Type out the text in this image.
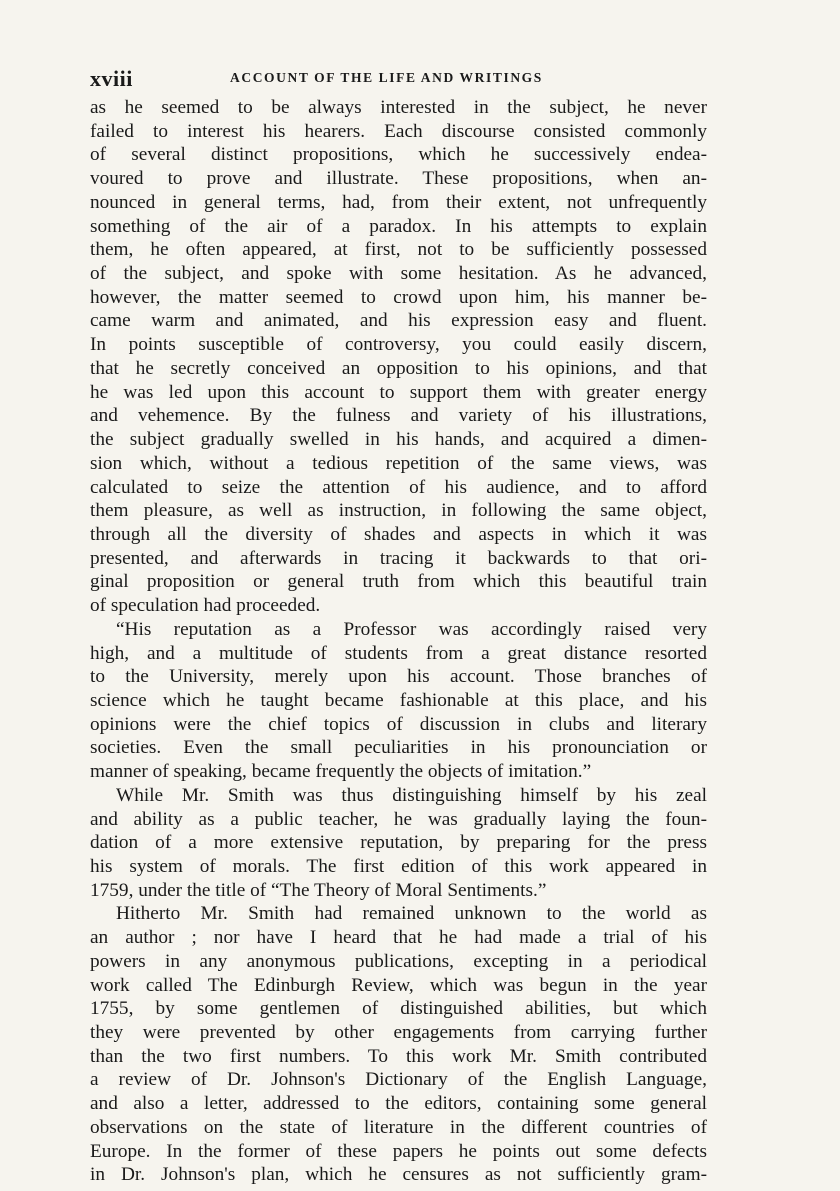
xviii	ACCOUNT OF THE LIFE AND WRITINGS
as he seemed to be always interested in the subject, he never
failed to interest his hearers. Each discourse consisted commonly
of several distinct propositions, which he successively endea-
voured to prove and illustrate. These propositions, when an-
nounced in general terms, had, from their extent, not unfrequently
something of the air of a paradox. In his attempts to explain
them, he often appeared, at first, not to be sufficiently possessed
of the subject, and spoke with some hesitation. As he advanced,
however, the matter seemed to crowd upon him, his manner be-
came warm and animated, and his expression easy and fluent.
In points susceptible of controversy, you could easily discern,
that he secretly conceived an opposition to his opinions, and that
he was led upon this account to support them with greater energy
and vehemence. By the fulness and variety of his illustrations,
the subject gradually swelled in his hands, and acquired a dimen-
sion which, without a tedious repetition of the same views, was
calculated to seize the attention of his audience, and to afford
them pleasure, as well as instruction, in following the same object,
through all the diversity of shades and aspects in which it was
presented, and afterwards in tracing it backwards to that ori-
ginal proposition or general truth from which this beautiful train
of speculation had proceeded.
“His reputation as a Professor was accordingly raised very
high, and a multitude of students from a great distance resorted
to the University, merely upon his account. Those branches of
science which he taught became fashionable at this place, and his
opinions were the chief topics of discussion in clubs and literary
societies. Even the small peculiarities in his pronounciation or
manner of speaking, became frequently the objects of imitation.”
While Mr. Smith was thus distinguishing himself by his zeal
and ability as a public teacher, he was gradually laying the foun-
dation of a more extensive reputation, by preparing for the press
his system of morals. The first edition of this work appeared in
1759, under the title of “The Theory of Moral Sentiments.”
Hitherto Mr. Smith had remained unknown to the world as
an author ; nor have I heard that he had made a trial of his
powers in any anonymous publications, excepting in a periodical
work called The Edinburgh Review, which was begun in the year
1755, by some gentlemen of distinguished abilities, but which
they were prevented by other engagements from carrying further
than the two first numbers. To this work Mr. Smith contributed
a review of Dr. Johnson's Dictionary of the English Language,
and also a letter, addressed to the editors, containing some general
observations on the state of literature in the different countries of
Europe. In the former of these papers he points out some defects
in Dr. Johnson's plan, which he censures as not sufficiently gram-
